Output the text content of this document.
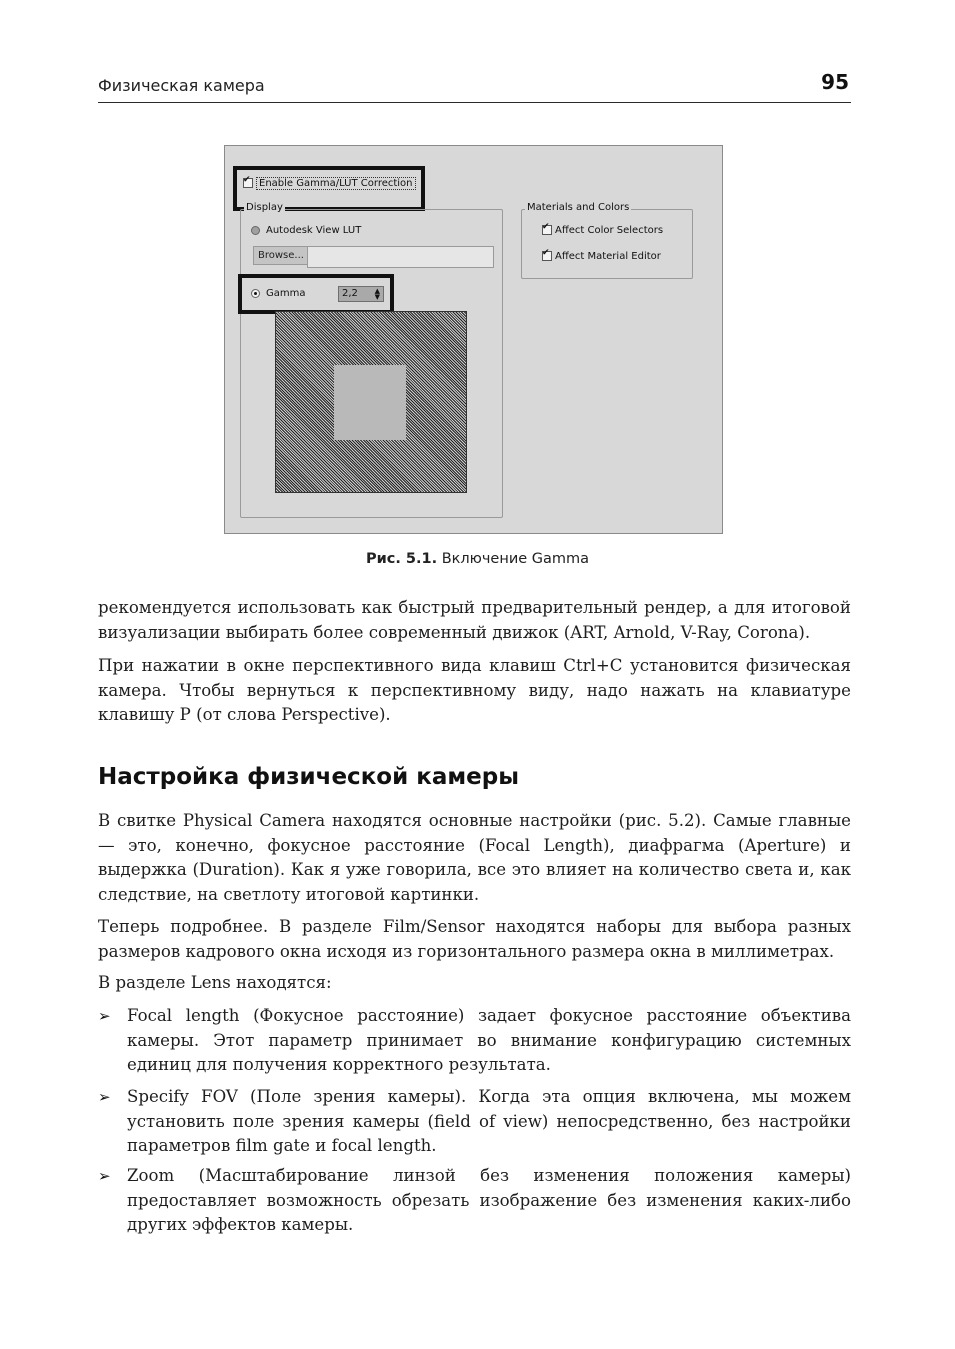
Физическая камера	95
✔Enable Gamma/LUT Correction
Display
Autodesk View LUT
Browse...
Gamma	2,2 ▲
▼
Materials and Colors
✔Affect Color Selectors
✔Affect Material Editor
Рис. 5.1. Включение Gamma

рекомендуется использовать как быстрый предварительный рендер, а для итоговой визуализации выбирать более современный движок (ART, Arnold, V-Ray, Corona).

При нажатии в окне перспективного вида клавиш Ctrl+C установится физическая камера. Чтобы вернуться к перспективному виду, надо нажать на клавиатуре клавишу P (от слова Perspective).

Настройка физической камеры

В свитке Physical Camera находятся основные настройки (рис. 5.2). Самые главные — это, конечно, фокусное расстояние (Focal Length), диафрагма (Aperture) и выдержка (Duration). Как я уже говорила, все это влияет на количество света и, как следствие, на светлоту итоговой картинки.

Теперь подробнее. В разделе Film/Sensor находятся наборы для выбора разных размеров кадрового окна исходя из горизонтального размера окна в миллиметрах.

В разделе Lens находятся:

➢ Focal length (Фокусное расстояние) задает фокусное расстояние объектива камеры. Этот параметр принимает во внимание конфигурацию системных единиц для получения корректного результата.
➢ Specify FOV (Поле зрения камеры). Когда эта опция включена, мы можем установить поле зрения камеры (field of view) непосредственно, без настройки параметров film gate и focal length.
➢ Zoom (Масштабирование линзой без изменения положения камеры) предоставляет возможность обрезать изображение без изменения каких-либо других эффектов камеры.
